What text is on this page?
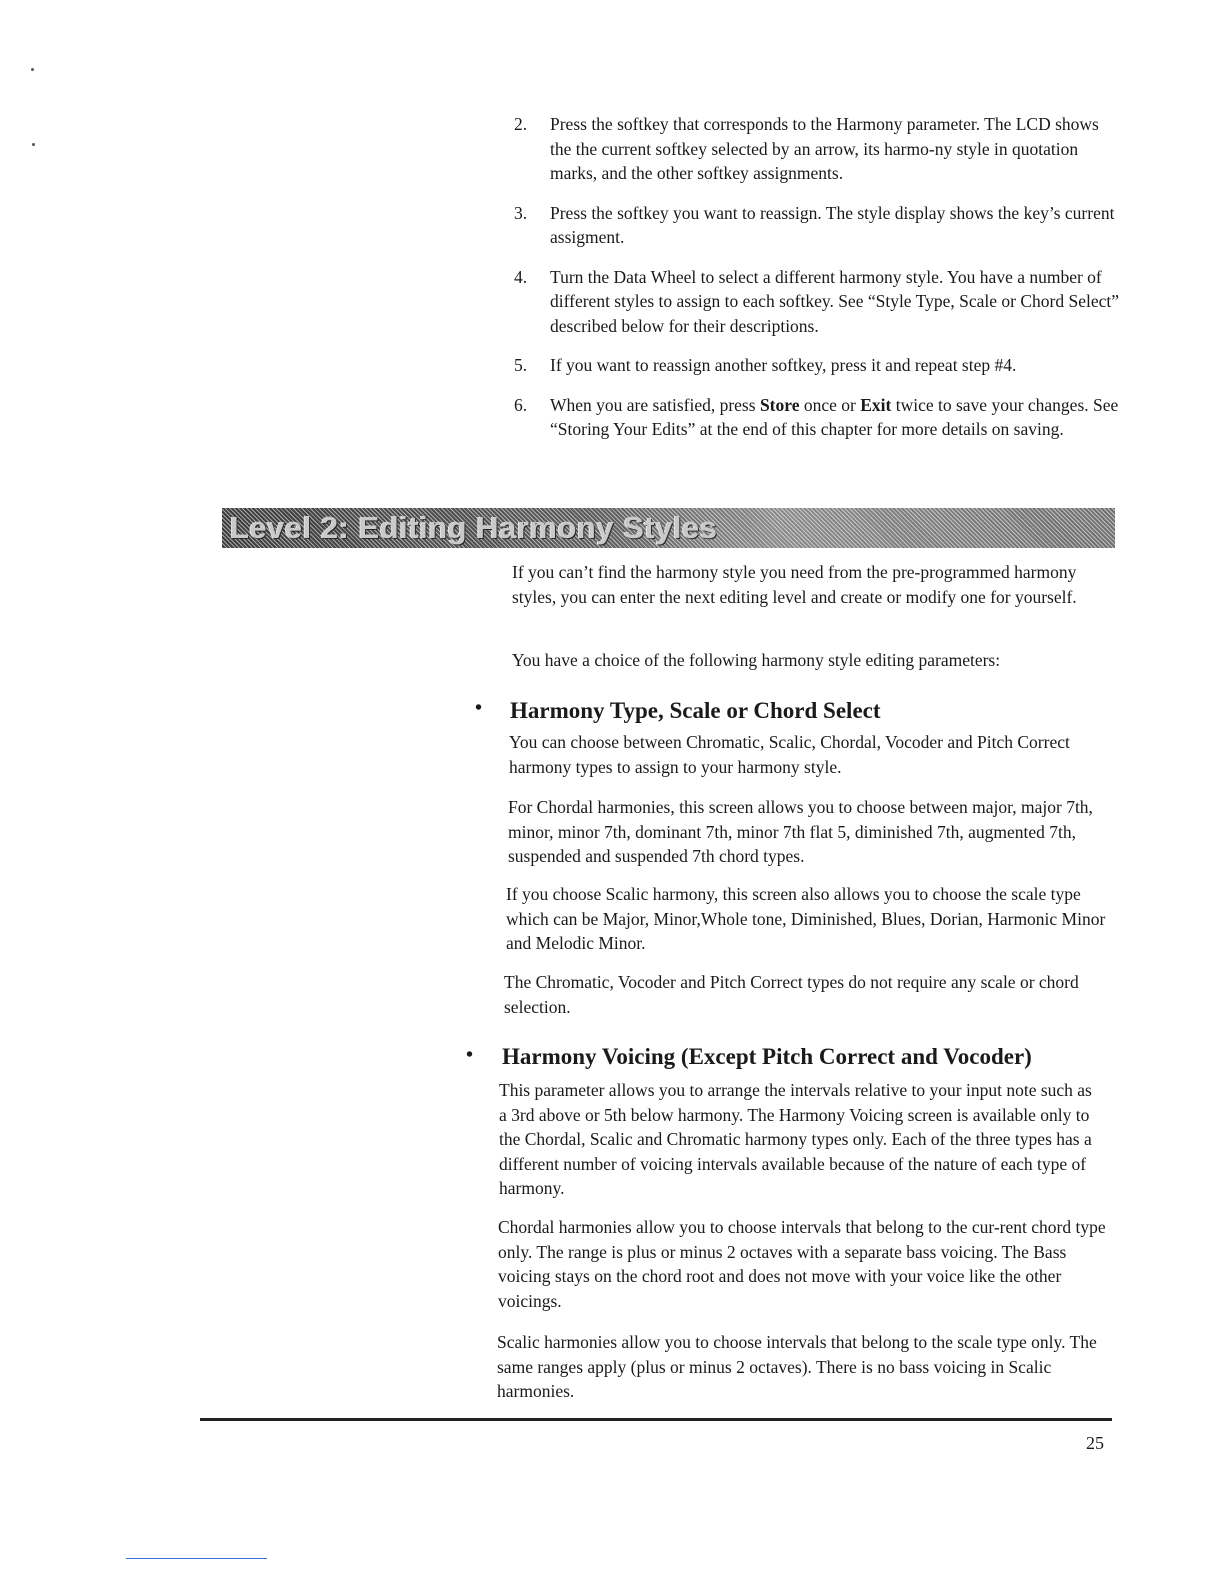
2. Press the softkey that corresponds to the Harmony parameter. The LCD shows the the current softkey selected by an arrow, its harmo-ny style in quotation marks, and the other softkey assignments.
3. Press the softkey you want to reassign. The style display shows the key’s current assigment.
4. Turn the Data Wheel to select a different harmony style. You have a number of different styles to assign to each softkey. See “Style Type, Scale or Chord Select” described below for their descriptions.
5. If you want to reassign another softkey, press it and repeat step #4.
6. When you are satisfied, press Store once or Exit twice to save your changes. See “Storing Your Edits” at the end of this chapter for more details on saving.
Level 2: Editing Harmony Styles

If you can’t find the harmony style you need from the pre-programmed harmony styles, you can enter the next editing level and create or modify one for yourself.

You have a choice of the following harmony style editing parameters:

• Harmony Type, Scale or Chord Select

You can choose between Chromatic, Scalic, Chordal, Vocoder and Pitch Correct harmony types to assign to your harmony style.

For Chordal harmonies, this screen allows you to choose between major, major 7th, minor, minor 7th, dominant 7th, minor 7th flat 5, diminished 7th, augmented 7th, suspended and suspended 7th chord types.

If you choose Scalic harmony, this screen also allows you to choose the scale type which can be Major, Minor,Whole tone, Diminished, Blues, Dorian, Harmonic Minor and Melodic Minor.

The Chromatic, Vocoder and Pitch Correct types do not require any scale or chord selection.

• Harmony Voicing (Except Pitch Correct and Vocoder)

This parameter allows you to arrange the intervals relative to your input note such as a 3rd above or 5th below harmony. The Harmony Voicing screen is available only to the Chordal, Scalic and Chromatic harmony types only. Each of the three types has a different number of voicing intervals available because of the nature of each type of harmony.

Chordal harmonies allow you to choose intervals that belong to the cur-rent chord type only. The range is plus or minus 2 octaves with a separate bass voicing. The Bass voicing stays on the chord root and does not move with your voice like the other voicings.

Scalic harmonies allow you to choose intervals that belong to the scale type only. The same ranges apply (plus or minus 2 octaves). There is no bass voicing in Scalic harmonies.

25
